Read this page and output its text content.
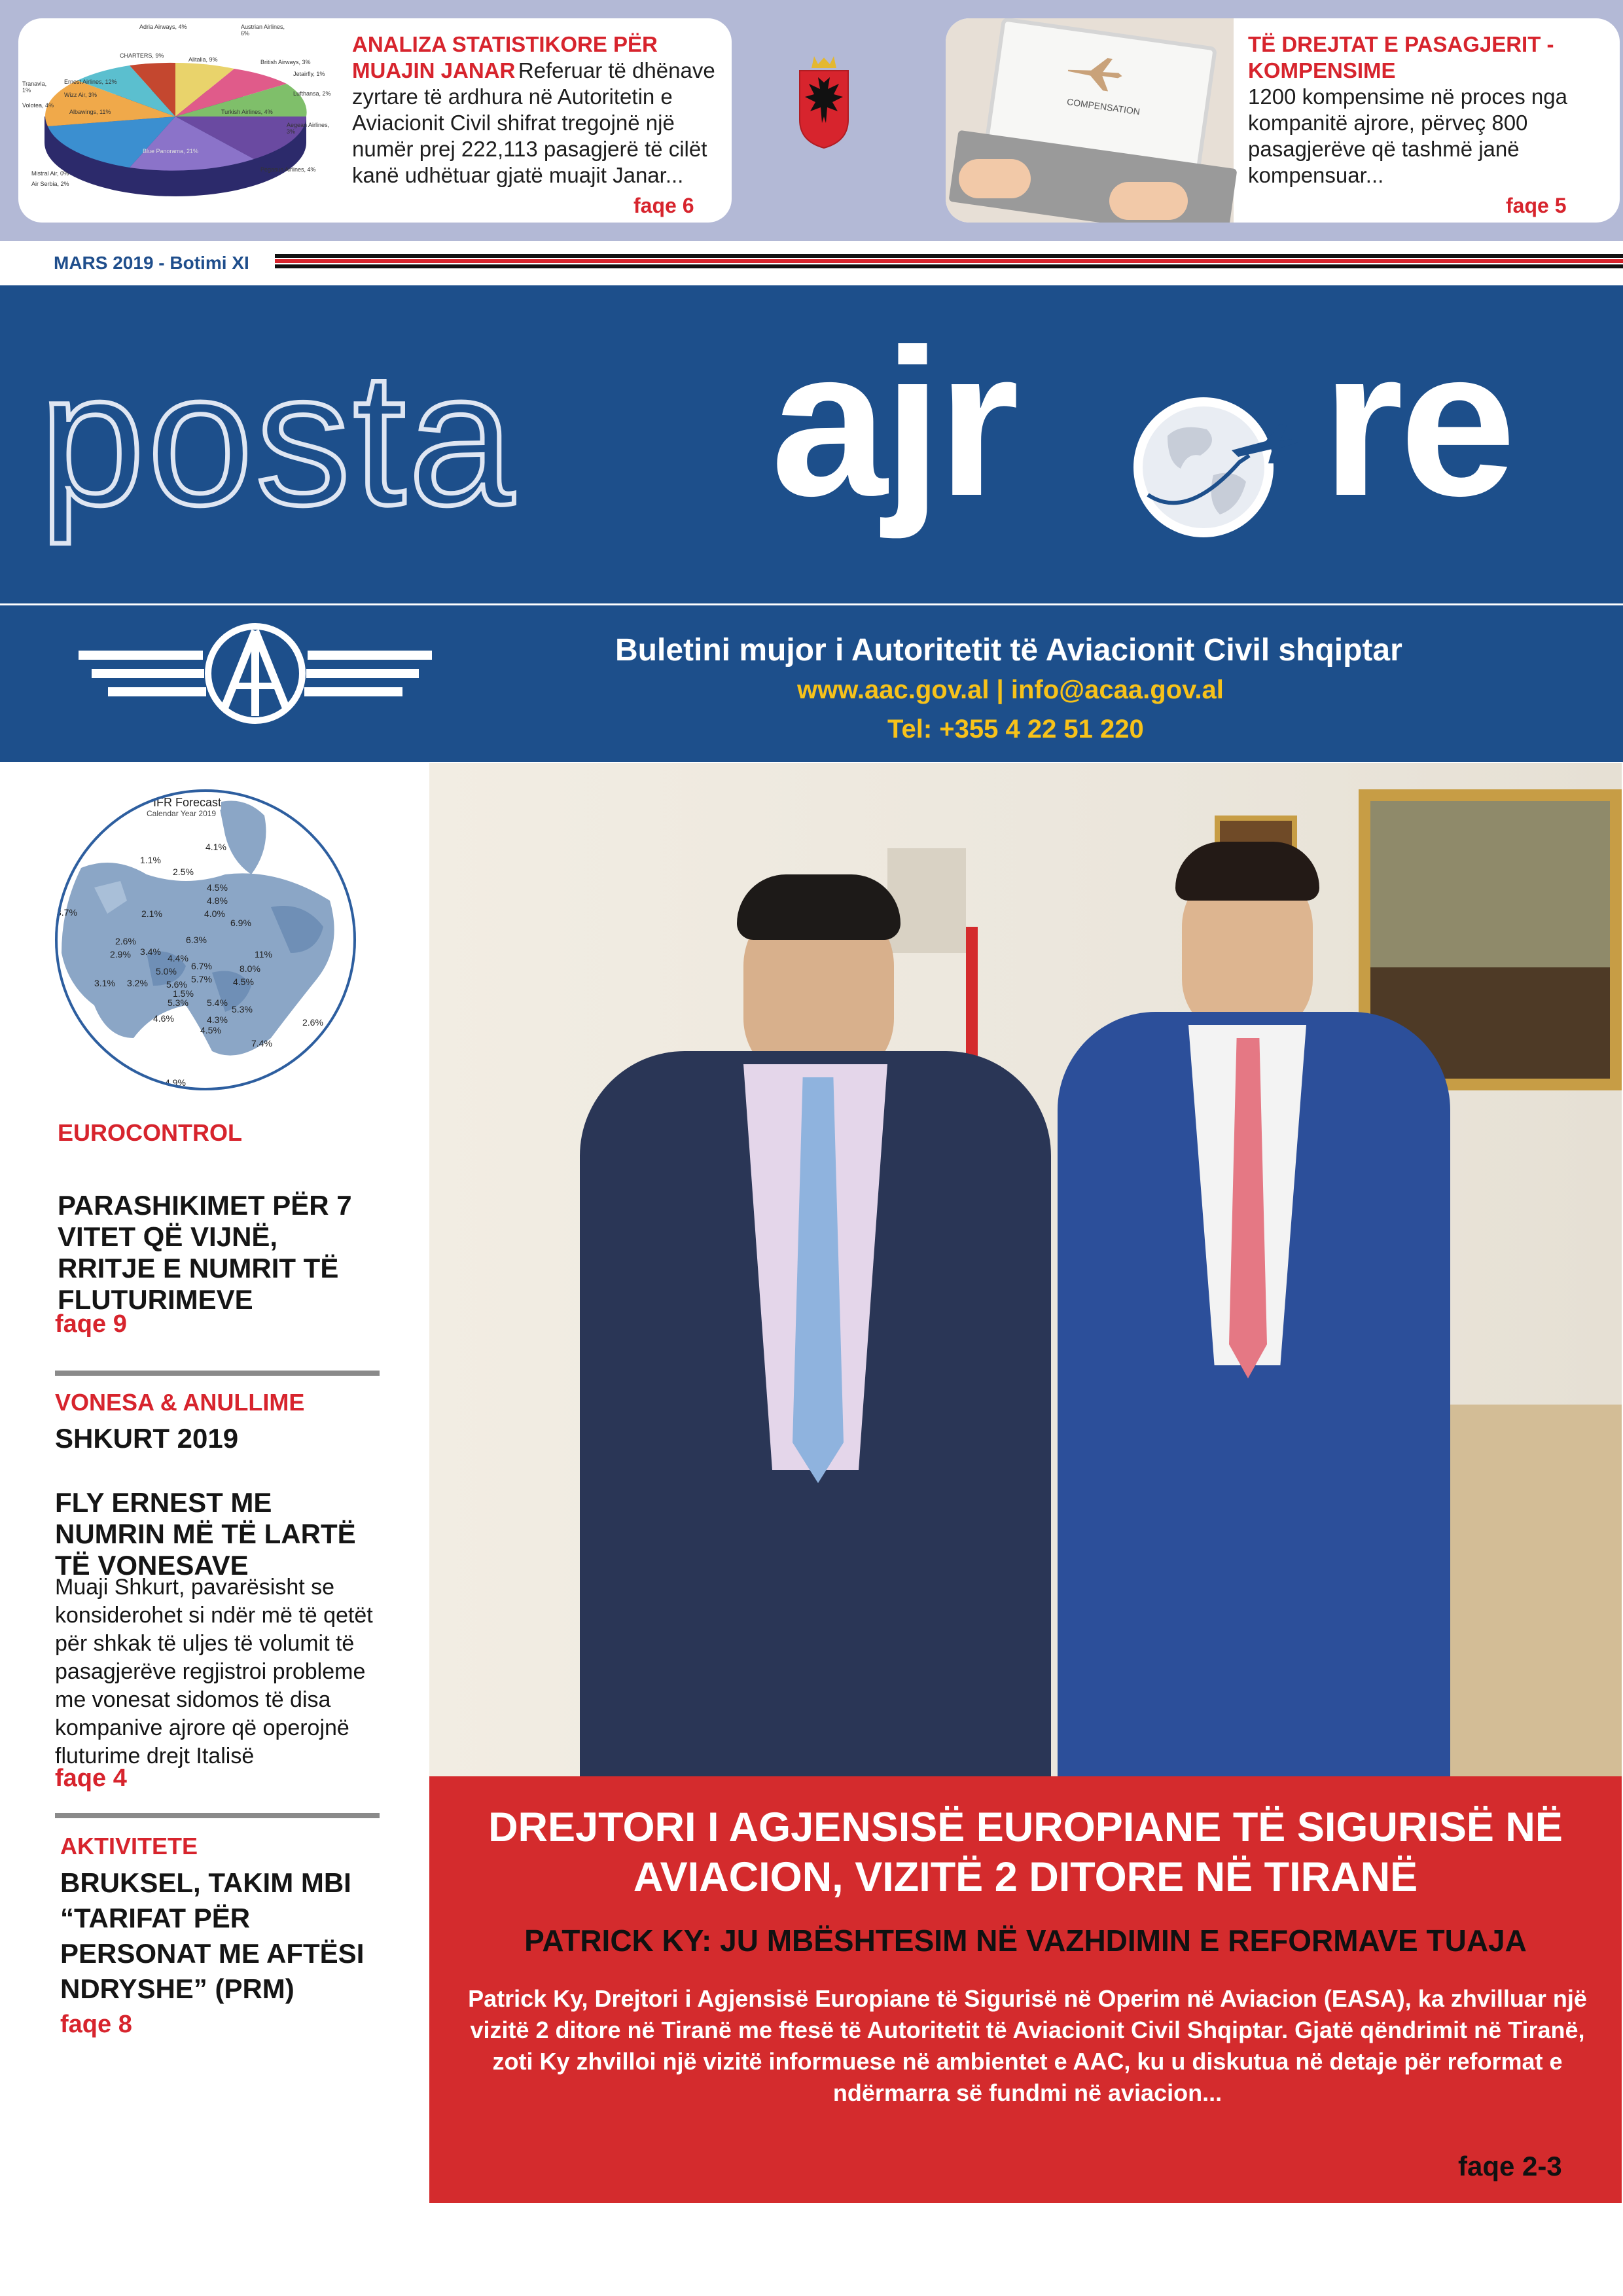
Adria Airways, 4%	Austrian Airlines, 6%
CHARTERS, 9%
Alitalia, 9%	British Airways, 3%
Jetairfly, 1%
Tranavia, 1%
Ernest Airlines, 12%
Lufthansa, 2%
Wizz Air, 3%
Volotea, 4%
Albawings, 11%	Turkish Airlines, 4%
Aegean Airlines, 3%
Blue Panorama, 21%
Mistral Air, 0%
Air Serbia, 2%
Pegasus Airlines, 4%
ANALIZA STATISTIKORE PËR MUAJIN JANAR Referuar të dhënave zyrtare të ardhura në Autoritetin e Aviacionit Civil shifrat tregojnë një numër prej 222,113 pasagjerë të cilët kanë udhëtuar gjatë muajit Janar...
faqe 6
COMPENSATION
TË DREJTAT E PASAGJERIT - KOMPENSIME
1200 kompensime në proces nga kompanitë ajrore, përveç 800 pasagjerëve që tashmë janë kompensuar...
faqe 5
MARS 2019 - Botimi XI
posta ajr re
Buletini mujor i Autoritetit të Aviacionit Civil shqiptar
www.aac.gov.al | info@acaa.gov.al
Tel: +355 4 22 51 220
IFR Forecast
Calendar Year 2019
4.1%
1.1%
2.5%
4.5%
4.8%
4.0%
6.9%
3.7%	2.1%
6.3%
2.6%
3.4%	11%
2.9%	4.4%
6.7%	8.0%
5.0%
5.7% 4.5%
3.1% 3.2% 5.6%
1.5%
5.3% 5.4%
5.3%
4.6%	4.3%
4.5%
2.6%
7.4%
4.9%
EUROCONTROL
PARASHIKIMET PËR 7 VITET QË VIJNË, RRITJE E NUMRIT TË FLUTURIMEVE
faqe 9
VONESA & ANULLIME
SHKURT 2019
FLY ERNEST ME NUMRIN MË TË LARTË TË VONESAVE
Muaji Shkurt, pavarësisht se konsiderohet si ndër më të qetët për shkak të uljes të volumit të pasagjerëve regjistroi probleme me vonesat sidomos të disa kompanive ajrore që operojnë fluturime drejt Italisë
faqe 4
AKTIVITETE
BRUKSEL, TAKIM MBI “TARIFAT PËR PERSONAT ME AFTËSI NDRYSHE” (PRM)
faqe 8
DREJTORI I AGJENSISË EUROPIANE TË SIGURISË NË AVIACION, VIZITË 2 DITORE NË TIRANË
PATRICK KY: JU MBËSHTESIM NË VAZHDIMIN E REFORMAVE TUAJA
Patrick Ky, Drejtori i Agjensisë Europiane të Sigurisë në Operim në Aviacion (EASA), ka zhvilluar një vizitë 2 ditore në Tiranë me ftesë të Autoritetit të Aviacionit Civil Shqiptar. Gjatë qëndrimit në Tiranë, zoti Ky zhvilloi një vizitë informuese në ambientet e AAC, ku u diskutua në detaje për reformat e ndërmarra së fundmi në aviacion...
faqe 2-3
